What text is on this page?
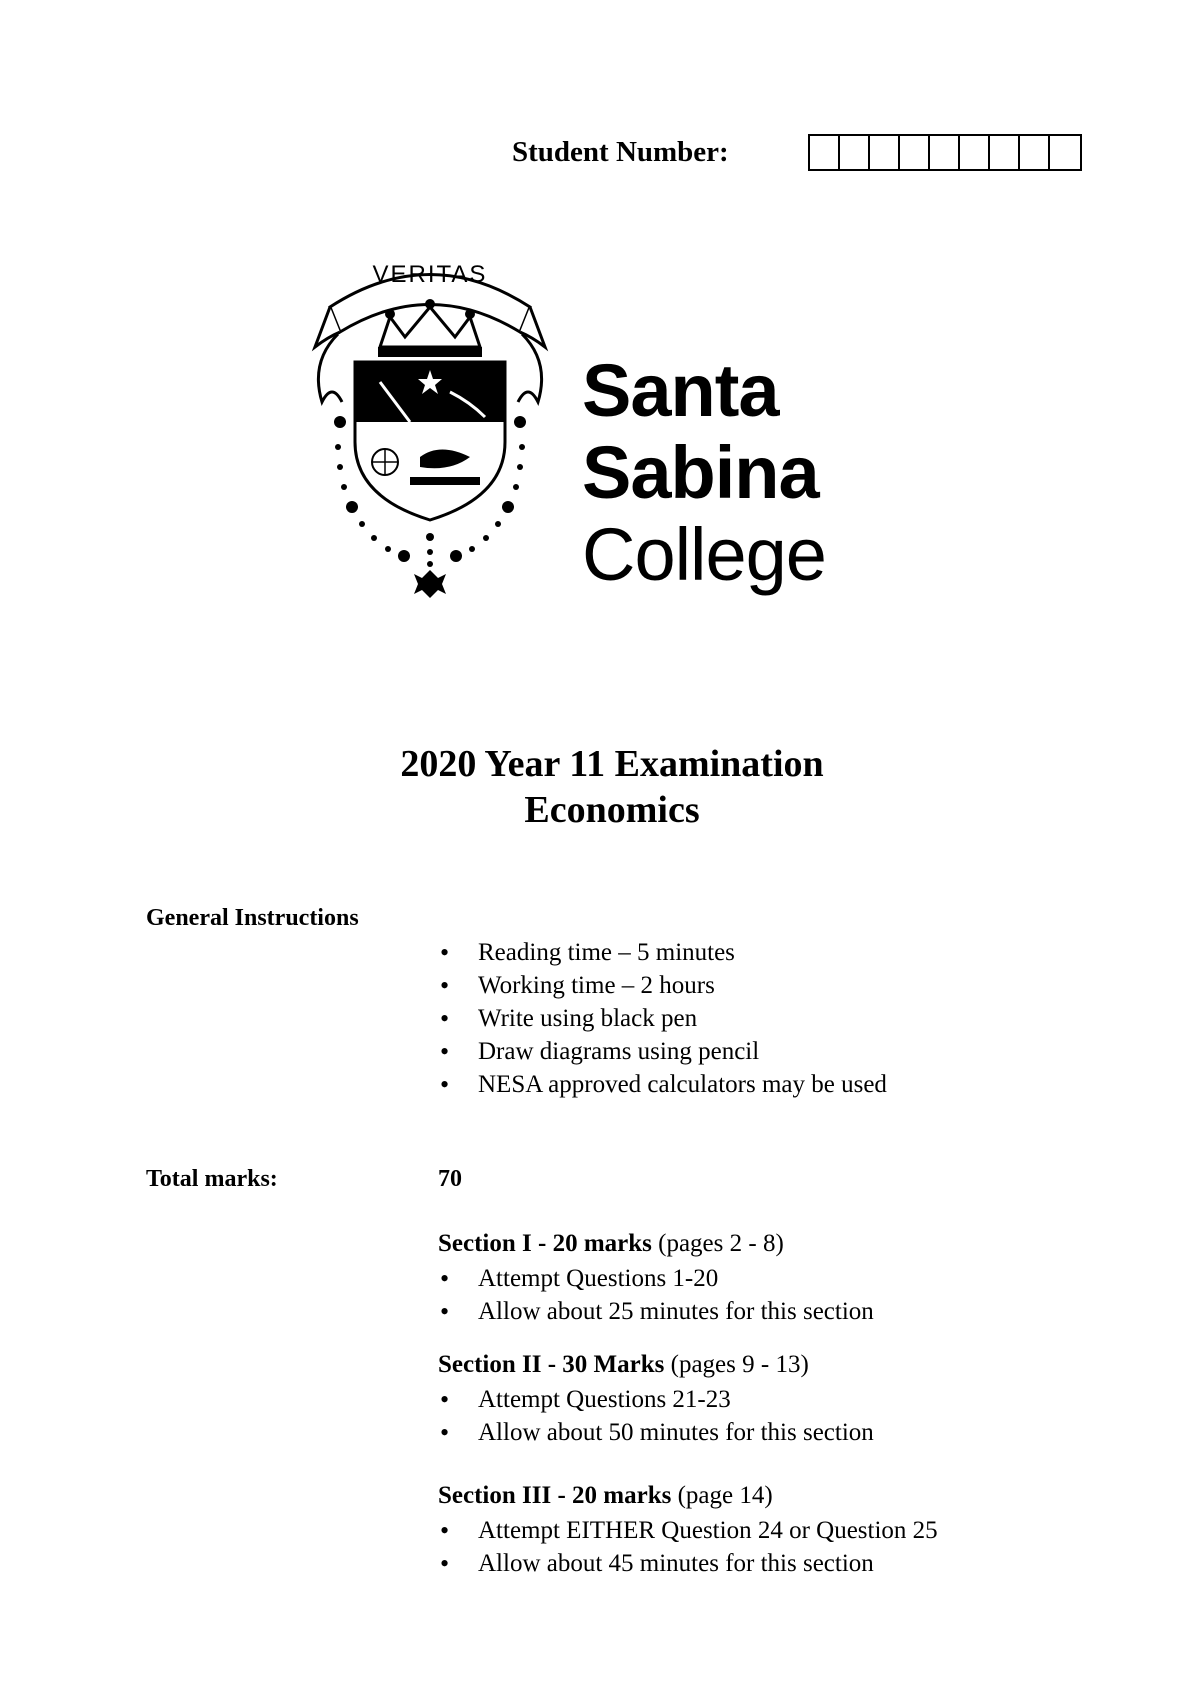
Student Number:
VERITAS
Santa
Sabina
College
2020 Year 11 Examination
Economics
General Instructions
• Reading time – 5 minutes
• Working time – 2 hours
• Write using black pen
• Draw diagrams using pencil
• NESA approved calculators may be used
Total marks:	70
Section I - 20 marks (pages 2 - 8)
• Attempt Questions 1-20
• Allow about 25 minutes for this section
Section II - 30 Marks (pages 9 - 13)
• Attempt Questions 21-23
• Allow about 50 minutes for this section
Section III - 20 marks (page 14)
• Attempt EITHER Question 24 or Question 25
• Allow about 45 minutes for this section
